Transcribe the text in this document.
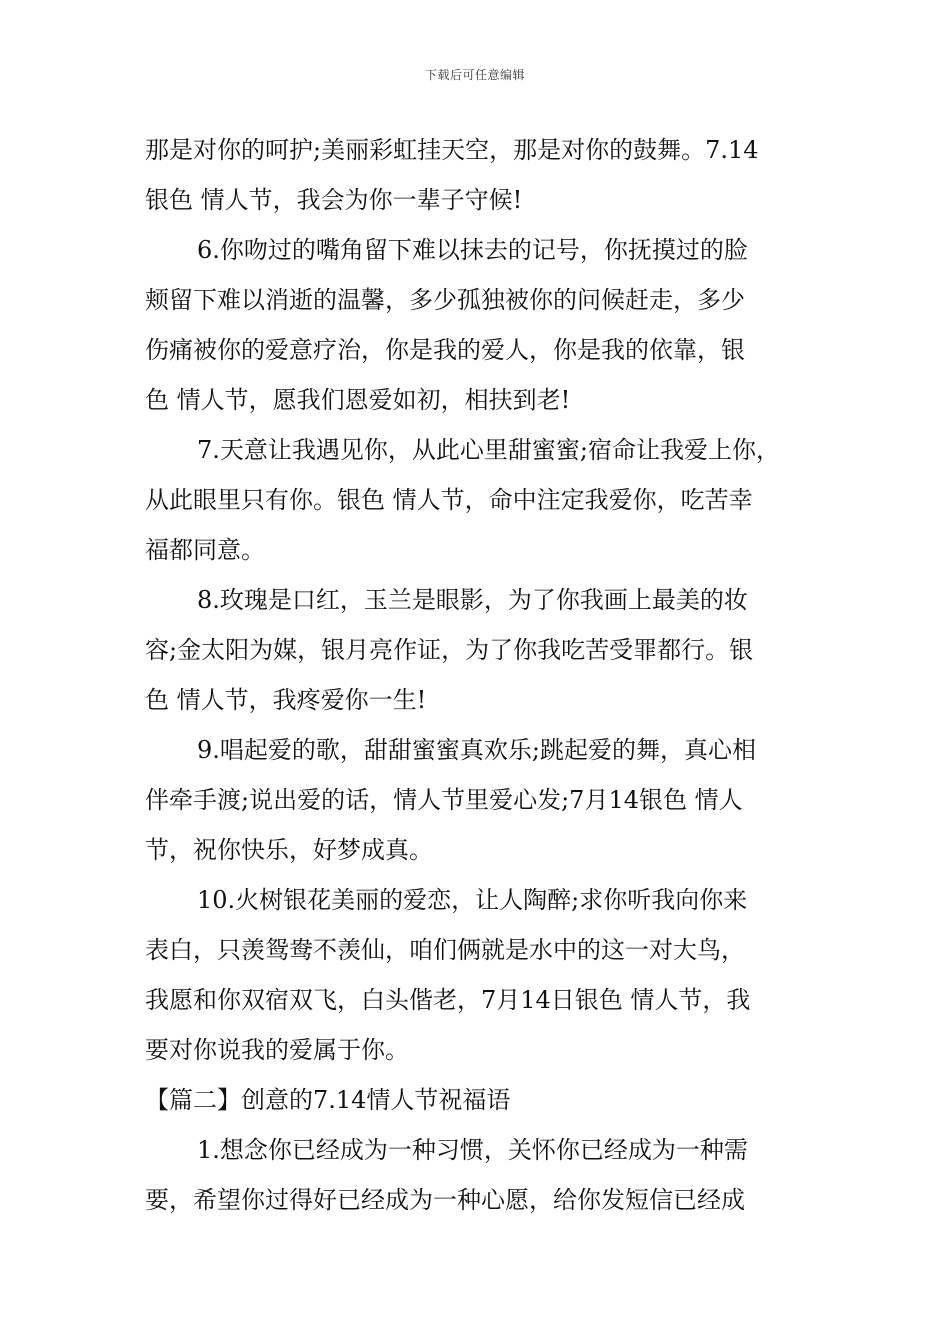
下载后可任意编辑
那是对你的呵护;美丽彩虹挂天空，那是对你的鼓舞。7.14
银色 情人节，我会为你一辈子守候!
6.你吻过的嘴角留下难以抹去的记号，你抚摸过的脸
颊留下难以消逝的温馨，多少孤独被你的问候赶走，多少
伤痛被你的爱意疗治，你是我的爱人，你是我的依靠，银
色 情人节，愿我们恩爱如初，相扶到老!
7.天意让我遇见你，从此心里甜蜜蜜;宿命让我爱上你，
从此眼里只有你。银色 情人节，命中注定我爱你，吃苦幸
福都同意。
8.玫瑰是口红，玉兰是眼影，为了你我画上最美的妆
容;金太阳为媒，银月亮作证，为了你我吃苦受罪都行。银
色 情人节，我疼爱你一生!
9.唱起爱的歌，甜甜蜜蜜真欢乐;跳起爱的舞，真心相
伴牵手渡;说出爱的话，情人节里爱心发;7月14银色 情人
节，祝你快乐，好梦成真。
10.火树银花美丽的爱恋，让人陶醉;求你听我向你来
表白，只羡鸳鸯不羡仙，咱们俩就是水中的这一对大鸟，
我愿和你双宿双飞，白头偕老，7月14日银色 情人节，我
要对你说我的爱属于你。
【篇二】创意的7.14情人节祝福语
1.想念你已经成为一种习惯，关怀你已经成为一种需
要，希望你过得好已经成为一种心愿，给你发短信已经成
